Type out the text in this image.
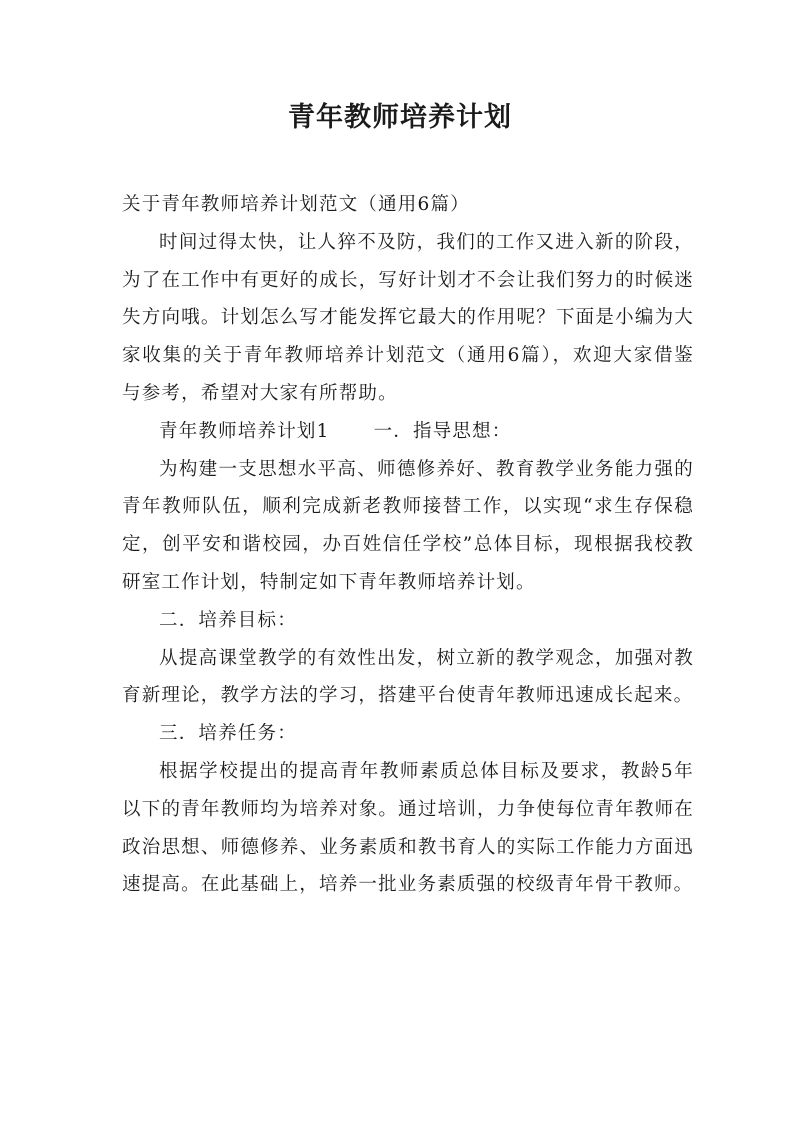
青年教师培养计划

关于青年教师培养计划范文（通用6篇）

时间过得太快，让人猝不及防，我们的工作又进入新的阶段，为了在工作中有更好的成长，写好计划才不会让我们努力的时候迷失方向哦。计划怎么写才能发挥它最大的作用呢？下面是小编为大家收集的关于青年教师培养计划范文（通用6篇），欢迎大家借鉴与参考，希望对大家有所帮助。

青年教师培养计划1 一．指导思想：

为构建一支思想水平高、师德修养好、教育教学业务能力强的青年教师队伍，顺利完成新老教师接替工作，以实现“求生存保稳定，创平安和谐校园，办百姓信任学校”总体目标，现根据我校教研室工作计划，特制定如下青年教师培养计划。

二．培养目标：

从提高课堂教学的有效性出发，树立新的教学观念，加强对教育新理论，教学方法的学习，搭建平台使青年教师迅速成长起来。

三．培养任务：

根据学校提出的提高青年教师素质总体目标及要求，教龄5年以下的青年教师均为培养对象。通过培训，力争使每位青年教师在政治思想、师德修养、业务素质和教书育人的实际工作能力方面迅速提高。在此基础上，培养一批业务素质强的校级青年骨干教师。
